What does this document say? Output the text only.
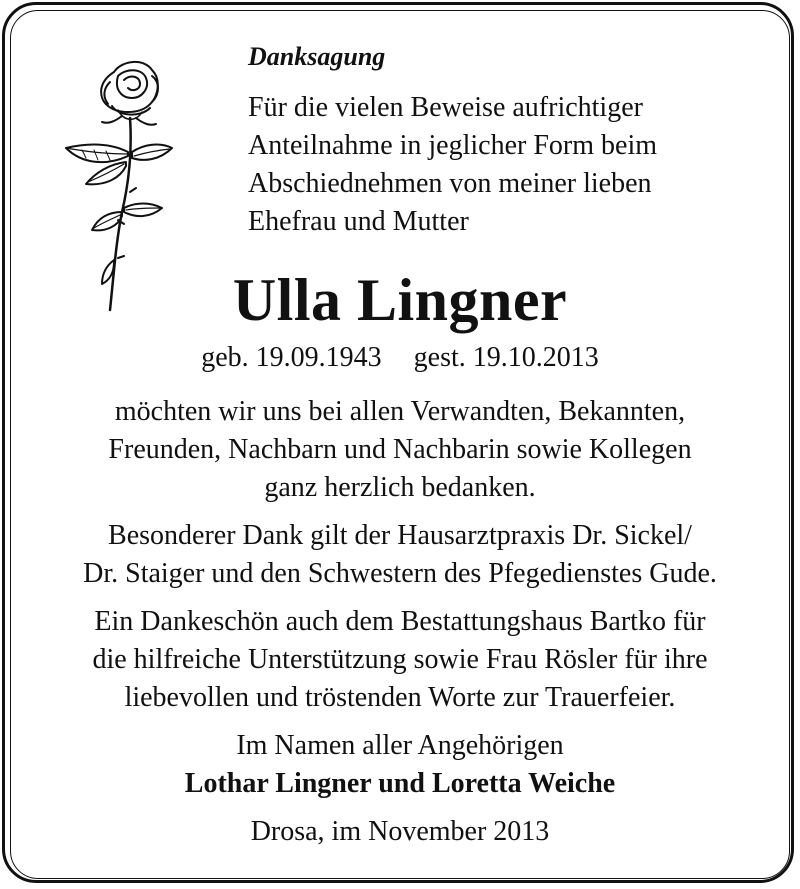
Danksagung
Für die vielen Beweise aufrichtiger
Anteilnahme in jeglicher Form beim
Abschiednehmen von meiner lieben
Ehefrau und Mutter
Ulla Lingner
geb. 19.09.1943 gest. 19.10.2013
möchten wir uns bei allen Verwandten, Bekannten,
Freunden, Nachbarn und Nachbarin sowie Kollegen
ganz herzlich bedanken.
Besonderer Dank gilt der Hausarztpraxis Dr. Sickel/
Dr. Staiger und den Schwestern des Pfegedienstes Gude.
Ein Dankeschön auch dem Bestattungshaus Bartko für
die hilfreiche Unterstützung sowie Frau Rösler für ihre
liebevollen und tröstenden Worte zur Trauerfeier.
Im Namen aller Angehörigen
Lothar Lingner und Loretta Weiche
Drosa, im November 2013
